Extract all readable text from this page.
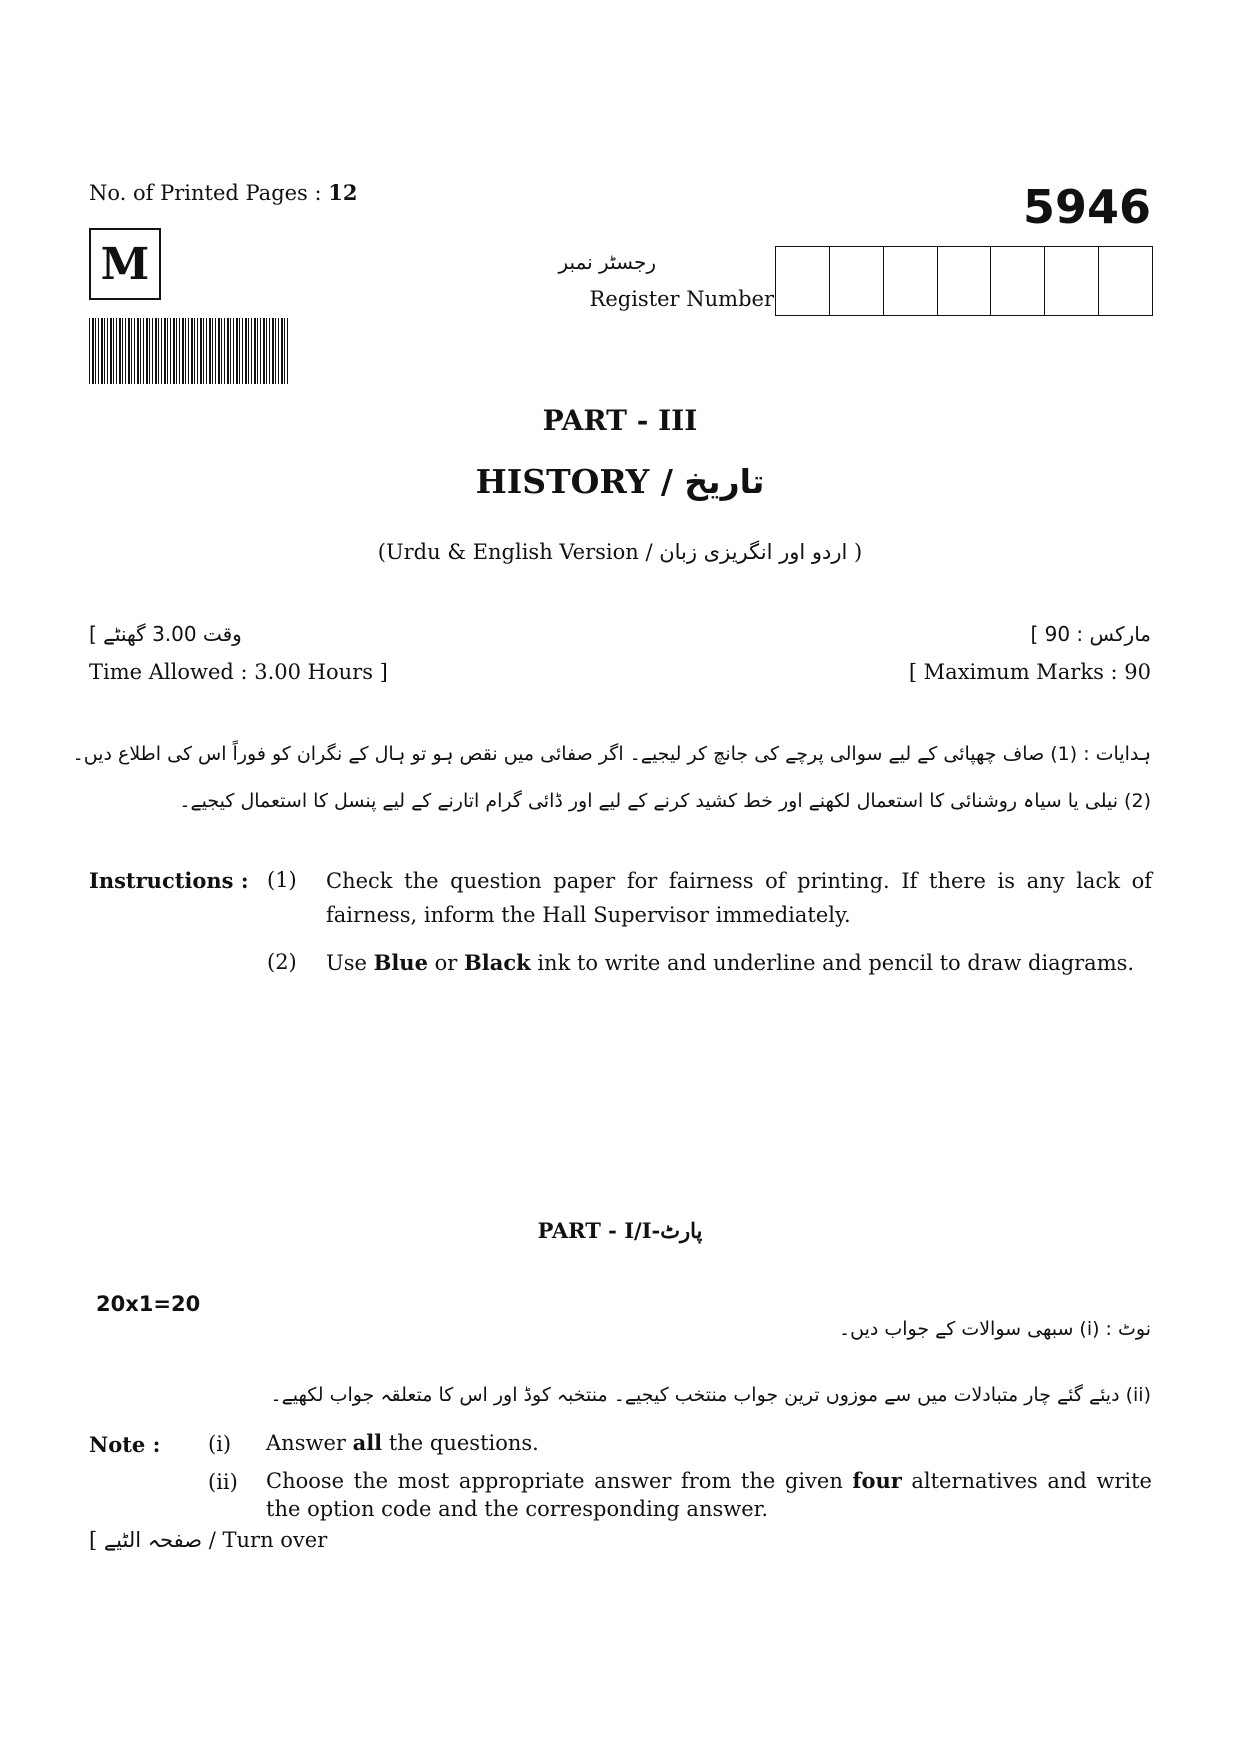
No. of Printed Pages : 12	5946
M	رجسٹر نمبر
Register Number
PART - III
HISTORY / تاریخ
(Urdu & English Version / اردو اور انگریزی زبان )
[ وقت 3.00 گھنٹے
Time Allowed : 3.00 Hours ]
مارکس : 90 ]
[ Maximum Marks : 90
ہدایات : (1) صاف چھپائی کے لیے سوالی پرچے کی جانچ کر لیجیے۔ اگر صفائی میں نقص ہو تو ہال کے نگران کو فوراً اس کی اطلاع دیں۔
(2) نیلی یا سیاہ روشنائی کا استعمال لکھنے اور خط کشید کرنے کے لیے اور ڈائی گرام اتارنے کے لیے پنسل کا استعمال کیجیے۔
Instructions : (1) Check the question paper for fairness of printing. If there is any lack of fairness, inform the Hall Supervisor immediately.
(2) Use Blue or Black ink to write and underline and pencil to draw diagrams.
PART - I/I-پارٹ
20x1=20
نوٹ : (i) سبھی سوالات کے جواب دیں۔
(ii) دیئے گئے چار متبادلات میں سے موزوں ترین جواب منتخب کیجیے۔ منتخبہ کوڈ اور اس کا متعلقہ جواب لکھیے۔
Note : (i) Answer all the questions.
(ii) Choose the most appropriate answer from the given four alternatives and write the option code and the corresponding answer.
[ صفحہ الٹیے / Turn over
